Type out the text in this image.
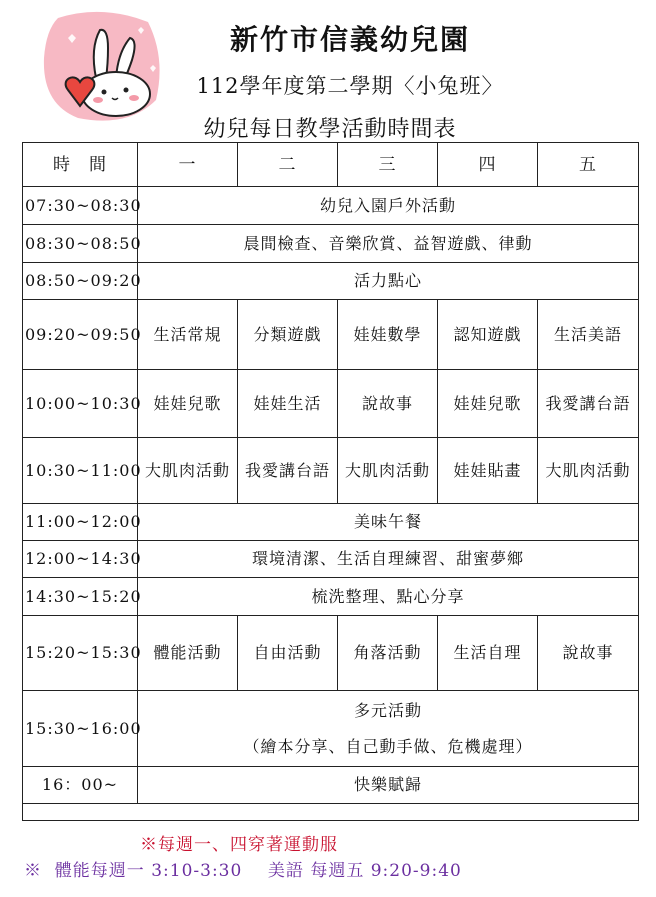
新竹市信義幼兒園
112學年度第二學期〈小兔班〉
幼兒每日教學活動時間表
時　間	一	二	三	四	五
07:30~08:30	幼兒入園戶外活動				
08:30~08:50	晨間檢查、音樂欣賞、益智遊戲、律動				
08:50~09:20	活力點心				
09:20~09:50	生活常規	分類遊戲	娃娃數學	認知遊戲	生活美語
10:00~10:30	娃娃兒歌	娃娃生活	說故事	娃娃兒歌	我愛講台語
10:30~11:00	大肌肉活動	我愛講台語	大肌肉活動	娃娃貼畫	大肌肉活動
11:00~12:00	美味午餐				
12:00~14:30	環境清潔、生活自理練習、甜蜜夢鄉				
14:30~15:20	梳洗整理、點心分享				
15:20~15:30	體能活動	自由活動	角落活動	生活自理	說故事
15:30~16:00	多元活動
（繪本分享、自己動手做、危機處理）				

16：00~	快樂賦歸				

※每週一、四穿著運動服
※  體能每週一 3:10-3:30    美語 每週五 9:20-9:40
